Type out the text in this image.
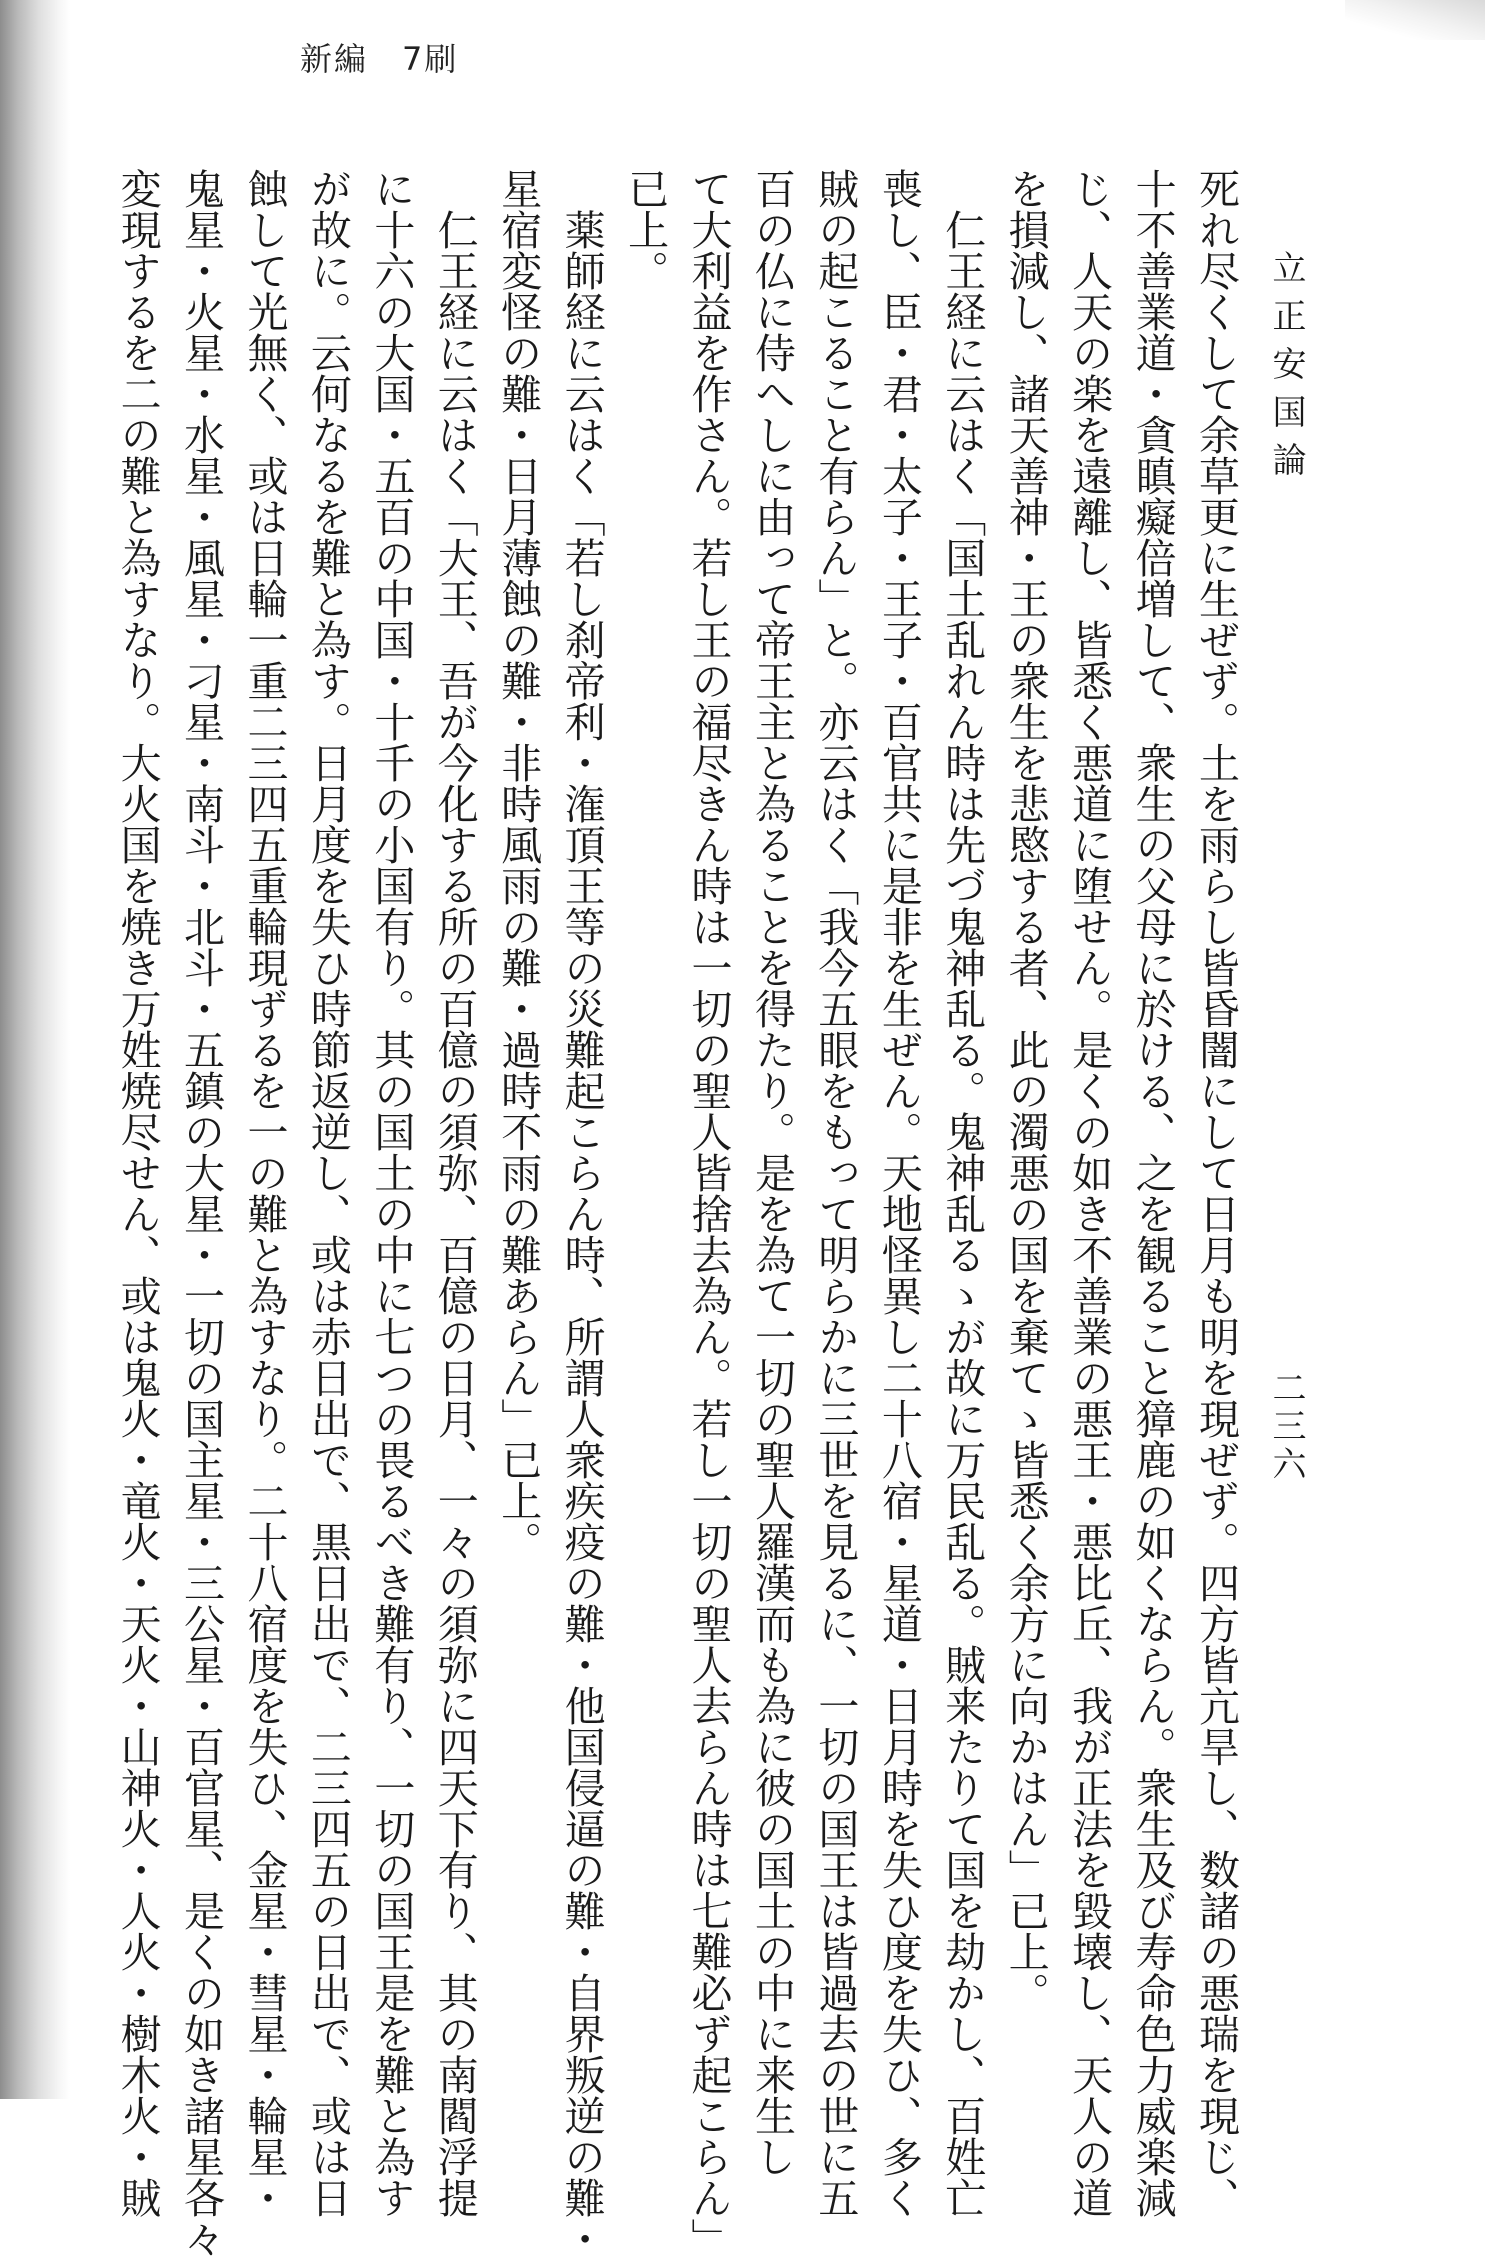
新編　7刷
立正安国論
二三六
死れ尽くして余草更に生ぜず。土を雨らし皆昏闇にして日月も明を現ぜず。四方皆亢旱し、数諸の悪瑞を現じ、
十不善業道・貪瞋癡倍増して、衆生の父母に於ける、之を観ること獐鹿の如くならん。衆生及び寿命色力威楽減
じ、人天の楽を遠離し、皆悉く悪道に堕せん。是くの如き不善業の悪王・悪比丘、我が正法を毀壊し、天人の道
を損減し、諸天善神・王の衆生を悲愍する者、此の濁悪の国を棄てゝ皆悉く余方に向かはん」已上。
仁王経に云はく「国土乱れん時は先づ鬼神乱る。鬼神乱るゝが故に万民乱る。賊来たりて国を劫かし、百姓亡
喪し、臣・君・太子・王子・百官共に是非を生ぜん。天地怪異し二十八宿・星道・日月時を失ひ度を失ひ、多く
賊の起こること有らん」と。亦云はく「我今五眼をもって明らかに三世を見るに、一切の国王は皆過去の世に五
百の仏に侍へしに由って帝王主と為ることを得たり。是を為て一切の聖人羅漢而も為に彼の国土の中に来生し
て大利益を作さん。若し王の福尽きん時は一切の聖人皆捨去為ん。若し一切の聖人去らん時は七難必ず起こらん」
已上。
薬師経に云はく「若し刹帝利・潅頂王等の災難起こらん時、所謂人衆疾疫の難・他国侵逼の難・自界叛逆の難・
星宿変怪の難・日月薄蝕の難・非時風雨の難・過時不雨の難あらん」已上。
仁王経に云はく「大王、吾が今化する所の百億の須弥、百億の日月、一々の須弥に四天下有り、其の南閻浮提
に十六の大国・五百の中国・十千の小国有り。其の国土の中に七つの畏るべき難有り、一切の国王是を難と為す
が故に。云何なるを難と為す。日月度を失ひ時節返逆し、或は赤日出で、黒日出で、二三四五の日出で、或は日
蝕して光無く、或は日輪一重二三四五重輪現ずるを一の難と為すなり。二十八宿度を失ひ、金星・彗星・輪星・
鬼星・火星・水星・風星・刁星・南斗・北斗・五鎮の大星・一切の国主星・三公星・百官星、是くの如き諸星各々
変現するを二の難と為すなり。大火国を焼き万姓焼尽せん、或は鬼火・竜火・天火・山神火・人火・樹木火・賊
